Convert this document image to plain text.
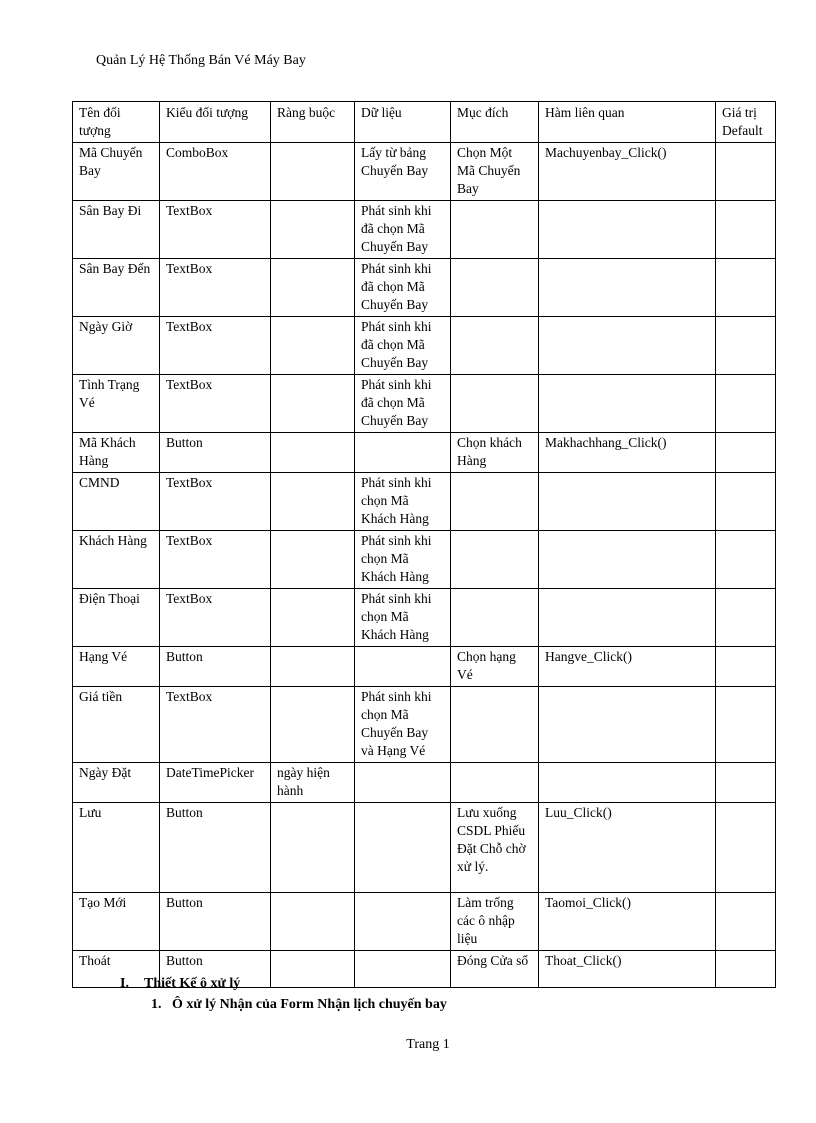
Quản Lý Hệ Thống Bán Vé Máy Bay
Tên đối tượng	Kiểu đối tượng	Ràng buộc	Dữ liệu	Mục đích	Hàm liên quan	Giá trị Default
Mã Chuyến Bay	ComboBox		Lấy từ bảng Chuyến Bay	Chọn Một Mã Chuyến Bay	Machuyenbay_Click()	
Sân Bay Đi	TextBox		Phát sinh khi đã chọn Mã Chuyến Bay			
Sân Bay Đến	TextBox		Phát sinh khi đã chọn Mã Chuyến Bay			
Ngày Giờ	TextBox		Phát sinh khi đã chọn Mã Chuyến Bay			
Tình Trạng Vé	TextBox		Phát sinh khi đã chọn Mã Chuyến Bay			
Mã Khách Hàng	Button			Chọn khách Hàng	Makhachhang_Click()	
CMND	TextBox		Phát sinh khi chọn Mã Khách Hàng			
Khách Hàng	TextBox		Phát sinh khi chọn Mã Khách Hàng			
Điện Thoại	TextBox		Phát sinh khi chọn Mã Khách Hàng			
Hạng Vé	Button			Chọn hạng Vé	Hangve_Click()	
Giá tiền	TextBox		Phát sinh khi chọn Mã Chuyến Bay và Hạng Vé			
Ngày Đặt	DateTimePicker	ngày hiện hành				
Lưu	Button			Lưu xuống CSDL Phiếu Đặt Chỗ chờ xử lý.	Luu_Click()	
Tạo Mới	Button			Làm trống các ô nhập liệu	Taomoi_Click()	
Thoát	Button			Đóng Cửa sổ	Thoat_Click()	
I. Thiết Kế ô xử lý
1. Ô xử lý Nhận của Form Nhận lịch chuyến bay
Trang 1
